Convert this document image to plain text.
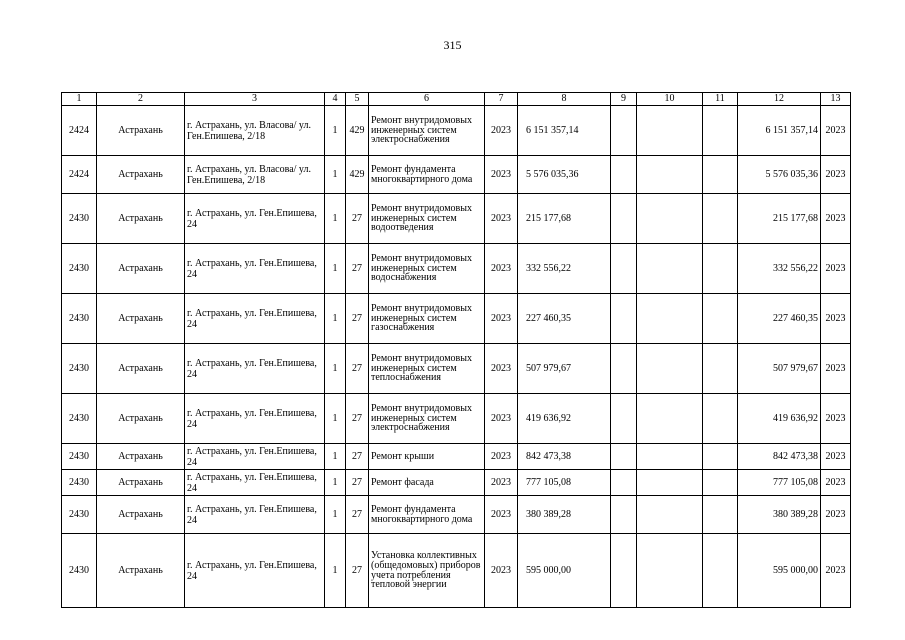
315
1	2	3	4	5	6	7	8	9	10	11	12	13
2424	Астрахань	г. Астрахань, ул. Власова/ ул. Ген.Епишева, 2/18	1	429	Ремонт внутридомовых инженерных систем электроснабжения	2023	6 151 357,14				6 151 357,14	2023
2424	Астрахань	г. Астрахань, ул. Власова/ ул. Ген.Епишева, 2/18	1	429	Ремонт фундамента многоквартирного дома	2023	5 576 035,36				5 576 035,36	2023
2430	Астрахань	г. Астрахань, ул. Ген.Епишева, 24	1	27	Ремонт внутридомовых инженерных систем водоотведения	2023	215 177,68				215 177,68	2023
2430	Астрахань	г. Астрахань, ул. Ген.Епишева, 24	1	27	Ремонт внутридомовых инженерных систем водоснабжения	2023	332 556,22				332 556,22	2023
2430	Астрахань	г. Астрахань, ул. Ген.Епишева, 24	1	27	Ремонт внутридомовых инженерных систем газоснабжения	2023	227 460,35				227 460,35	2023
2430	Астрахань	г. Астрахань, ул. Ген.Епишева, 24	1	27	Ремонт внутридомовых инженерных систем теплоснабжения	2023	507 979,67				507 979,67	2023
2430	Астрахань	г. Астрахань, ул. Ген.Епишева, 24	1	27	Ремонт внутридомовых инженерных систем электроснабжения	2023	419 636,92				419 636,92	2023
2430	Астрахань	г. Астрахань, ул. Ген.Епишева, 24	1	27	Ремонт крыши	2023	842 473,38				842 473,38	2023
2430	Астрахань	г. Астрахань, ул. Ген.Епишева, 24	1	27	Ремонт фасада	2023	777 105,08				777 105,08	2023
2430	Астрахань	г. Астрахань, ул. Ген.Епишева, 24	1	27	Ремонт фундамента многоквартирного дома	2023	380 389,28				380 389,28	2023
2430	Астрахань	г. Астрахань, ул. Ген.Епишева, 24	1	27	Установка коллективных (общедомовых) приборов учета потребления тепловой энергии	2023	595 000,00				595 000,00	2023
